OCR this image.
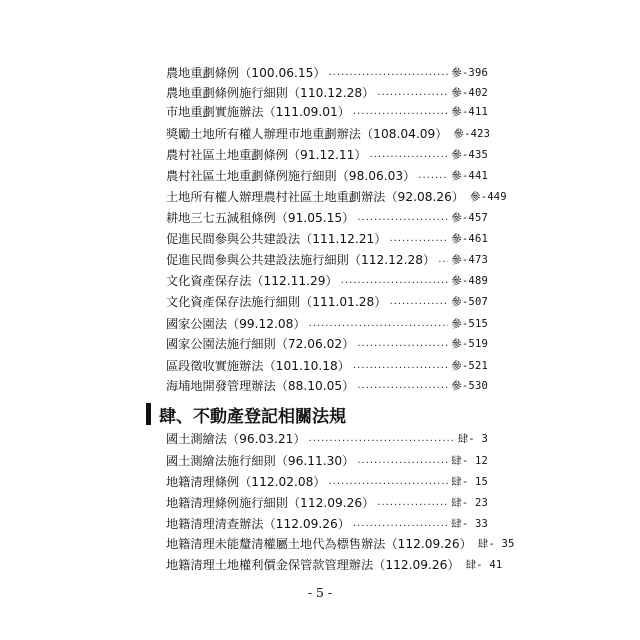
農地重劃條例（100.06.15） .....	參-396
農地重劃條例施行細則（110.12.28） .....	參-402
市地重劃實施辦法（111.09.01） .....	參-411
獎勵土地所有權人辦理市地重劃辦法（108.04.09） 參-423
農村社區土地重劃條例（91.12.11） .....	參-435
農村社區土地重劃條例施行細則（98.06.03） .....	參-441
土地所有權人辦理農村社區土地重劃辦法（92.08.26） 參-449
耕地三七五減租條例（91.05.15） .....	參-457
促進民間參與公共建設法（111.12.21） .....	參-461
促進民間參與公共建設法施行細則（112.12.28） ..... 參-473
文化資產保存法（112.11.29） .....	參-489
文化資產保存法施行細則（111.01.28） .....	參-507
國家公園法（99.12.08） .....	參-515
國家公園法施行細則（72.06.02） .....	參-519
區段徵收實施辦法（101.10.18） .....	參-521
海埔地開發管理辦法（88.10.05） .....	參-530
肆、不動產登記相關法規
國土測繪法（96.03.21） .....	肆- 3
國土測繪法施行細則（96.11.30） .....	肆- 12
地籍清理條例（112.02.08） .....	肆- 15
地籍清理條例施行細則（112.09.26） .....	肆- 23
地籍清理清查辦法（112.09.26） .....	肆- 33
地籍清理未能釐清權屬土地代為標售辦法（112.09.26） 肆- 35
地籍清理土地權利價金保管款管理辦法（112.09.26） 肆- 41
- 5 -
